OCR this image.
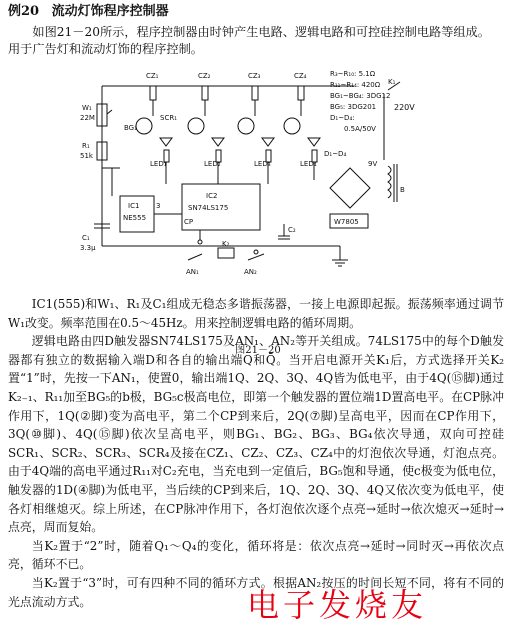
例20 流动灯饰程序控制器

如图21－20所示，程序控制器由时钟产生电路、逻辑电路和可控硅控制电路等组成。用于广告灯和流动灯饰的程序控制。

W₁
22M
R₁
51k
C₁
3.3μ
IC1
NE555
3
IC2
SN74LS175
CP
AN₁	AN₂
K₂
C₂
CZ₁
BG₁
SCR₁
LED₁
CZ₂
LED₂
CZ₃
LED₃
CZ₄
LED₄
R₃~R₁₀: 5.1Ω
R₁₁~R₁₄: 420Ω
BG₁~BG₄: 3DG12
BG₅: 3DG201
D₁~D₄:
0.5A/50V
K₁
220V
B
9V
D₁~D₄
W7805
图21－20

IC1(555)和W₁、R₁及C₁组成无稳态多谐振荡器，一接上电源即起振。振荡频率通过调节W₁改变。频率范围在0.5～45Hz。用来控制逻辑电路的循环周期。

逻辑电路由四D触发器SN74LS175及AN₁、AN₂等开关组成。74LS175中的每个D触发器都有独立的数据输入端D和各自的输出端Q和Q̄。当开启电源开关K₁后，方式选择开关K₂置“1”时，先按一下AN₁，使置0，输出端1Q、2Q、3Q、4Q皆为低电平，由于4Q(⑮脚)通过K₂₋₁、R₁₁加至BG₅的b极，BG₅c极高电位，即第一个触发器的置位端1D置高电平。在CP脉冲作用下，1Q(②脚)变为高电平，第二个CP到来后，2Q(⑦脚)呈高电平，因而在CP作用下，3Q(⑩脚)、4Q(⑮脚)依次呈高电平，则BG₁、BG₂、BG₃、BG₄依次导通，双向可控硅SCR₁、SCR₂、SCR₃、SCR₄及接在CZ₁、CZ₂、CZ₃、CZ₄中的灯泡依次导通，灯泡点亮。由于4Q端的高电平通过R₁₁对C₂充电，当充电到一定值后，BG₅饱和导通，使c极变为低电位，触发器的1D(④脚)为低电平，当后续的CP到来后，1Q、2Q、3Q、4Q又依次变为低电平，使各灯相继熄灭。综上所述，在CP脉冲作用下，各灯泡依次逐个点亮→延时→依次熄灭→延时→点亮，周而复始。

当K₂置于“2”时，随着Q₁～Q₄的变化，循环将是：依次点亮→延时→同时灭→再依次点亮，循环不已。

当K₂置于“3”时，可有四种不同的循环方式。根据AN₂按压的时间长短不同，将有不同的光点流动方式。	电子发烧友
